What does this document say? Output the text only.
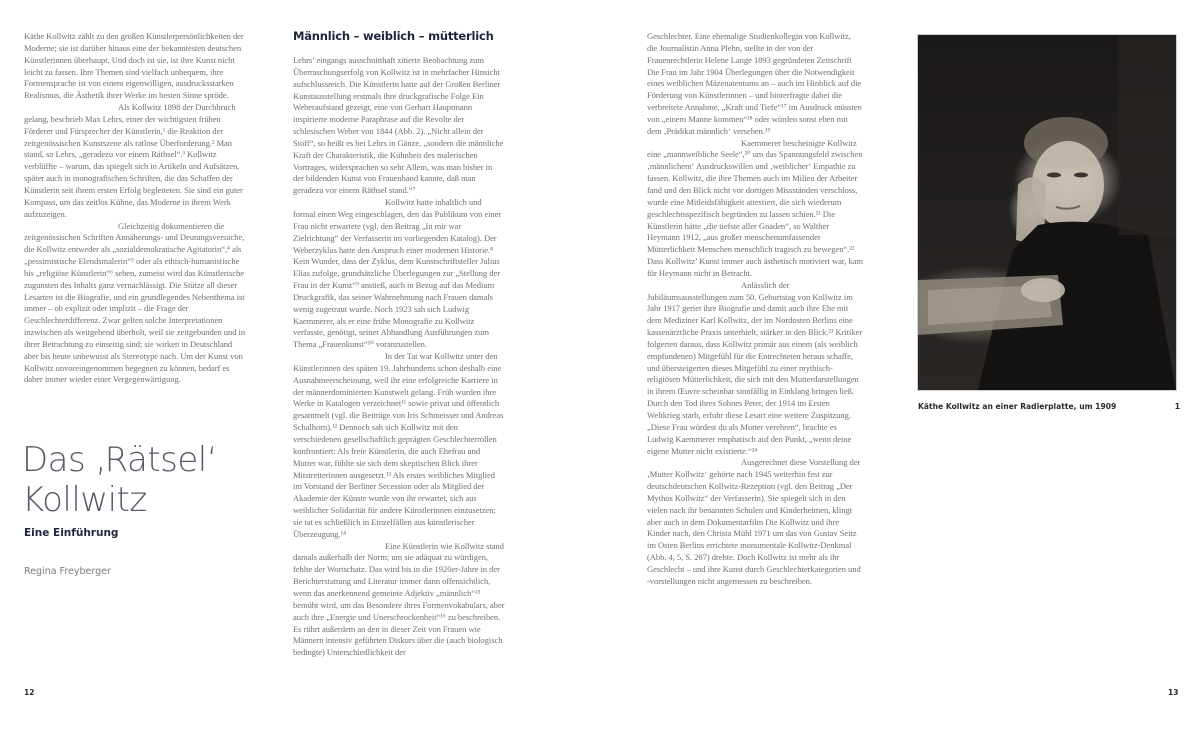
Käthe Kollwitz zählt zu den großen Künstlerpersönlichkeiten der Moderne; sie ist darüber hinaus eine der bekanntesten deutschen Künstlerinnen überhaupt. Und doch ist sie, ist ihre Kunst nicht leicht zu fassen. Ihre Themen sind vielfach unbequem, ihre Formensprache ist von einem eigenwilligen, ausdrucksstarken Realismus, die Ästhetik ihrer Werke im besten Sinne spröde.

Als Kollwitz 1898 der Durchbruch gelang, beschrieb Max Lehrs, einer der wichtigsten frühen Förderer und Fürsprecher der Künstlerin,¹ die Reaktion der zeitgenössischen Kunstszene als ratlose Überforderung.² Man stand, so Lehrs, „geradezu vor einem Räthsel“.³ Kollwitz verblüffte – warum, das spiegelt sich in Artikeln und Aufsätzen, später auch in monografischen Schriften, die das Schaffen der Künstlerin seit ihrem ersten Erfolg begleiteten. Sie sind ein guter Kompass, um das zeitlos Kühne, das Moderne in ihrem Werk aufzuzeigen.

Gleichzeitig dokumentieren die zeitgenössischen Schriften Annäherungs- und Deutungsversuche, die Kollwitz entweder als „sozialdemokratische Agitatorin“,⁴ als „pessimistische Elendsmalerin“⁵ oder als ethisch-humanistische bis „religiöse Künstlerin“⁶ sehen, zumeist wird das Künstlerische zugunsten des Inhalts ganz vernachlässigt. Die Stütze all dieser Lesarten ist die Biografie, und ein grundlegendes Nebenthema ist immer – ob explizit oder implizit – die Frage der Geschlechterdifferenz. Zwar gelten solche Interpretationen inzwischen als weitgehend überholt, weil sie zeitgebunden und in ihrer Betrachtung zu einseitig sind; sie wirken in Deutschland aber bis heute unbewusst als Stereotype nach. Um der Kunst von Kollwitz unvoreingenommen begegnen zu können, bedarf es daher immer wieder einer Vergegenwärtigung.

Das ‚Rätsel‘
Kollwitz
Eine Einführung
Regina Freyberger
Männlich – weiblich – mütterlich

Lehrs’ eingangs ausschnitthaft zitierte Beobachtung zum Überraschungserfolg von Kollwitz ist in mehrfacher Hinsicht aufschlussreich. Die Künstlerin hatte auf der Großen Berliner Kunstausstellung erstmals ihre druckgrafische Folge Ein Weberaufstand gezeigt, eine von Gerhart Hauptmann inspirierte moderne Paraphrase auf die Revolte der schlesischen Weber von 1844 (Abb. 2). „Nicht allein der Stoff“, so heißt es bei Lehrs in Gänze, „sondern die männliche Kraft der Charakteristik, die Kühnheit des malerischen Vortrages, widersprachen so sehr Allem, was man bisher in der bildenden Kunst von Frauenhand kannte, daß man geradezu vor einem Räthsel stand.“⁷

Kollwitz hatte inhaltlich und formal einen Weg eingeschlagen, den das Publikum von einer Frau nicht erwartete (vgl. den Beitrag „In mir war Zielrichtung“ der Verfasserin im vorliegenden Katalog). Der Weberzyklus hatte den Anspruch einer modernen Historie.⁸ Kein Wunder, dass der Zyklus, dem Kunstschriftsteller Julius Elias zufolge, grundsätzliche Überlegungen zur „Stellung der Frau in der Kunst“⁹ anstieß, auch in Bezug auf das Medium Druckgrafik, das seiner Wahrnehmung nach Frauen damals wenig zugetraut wurde. Noch 1923 sah sich Ludwig Kaemmerer, als er eine frühe Monografie zu Kollwitz verfasste, genötigt, seiner Abhandlung Ausführungen zum Thema „Frauenkunst“¹⁰ voranzustellen.

In der Tat war Kollwitz unter den Künstlerinnen des späten 19. Jahrhunderts schon deshalb eine Ausnahmeerscheinung, weil ihr eine erfolgreiche Karriere in der männerdominierten Kunstwelt gelang. Früh wurden ihre Werke in Katalogen verzeichnet¹¹ sowie privat und öffentlich gesammelt (vgl. die Beiträge von Iris Schmeisser und Andreas Schalhorn).¹² Dennoch sah sich Kollwitz mit den verschiedenen gesellschaftlich geprägten Geschlechterrollen konfrontiert: Als freie Künstlerin, die auch Ehefrau und Mutter war, fühlte sie sich dem skeptischen Blick ihrer Mitstreiterinnen ausgesetzt.¹³ Als erstes weibliches Mitglied im Vorstand der Berliner Secession oder als Mitglied der Akademie der Künste wurde von ihr erwartet, sich aus weiblicher Solidarität für andere Künstlerinnen einzusetzen; sie tat es schließlich in Einzelfällen aus künstlerischer Überzeugung.¹⁴

Eine Künstlerin wie Kollwitz stand damals außerhalb der Norm; um sie adäquat zu würdigen, fehlte der Wortschatz. Das wird bis in die 1920er-Jahre in der Berichterstattung und Literatur immer dann offensichtlich, wenn das anerkennend gemeinte Adjektiv „männlich“¹⁵ bemüht wird, um das Besondere ihres Formenvokabulars, aber auch ihre „Energie und Unerschrockenheit“¹⁶ zu beschreiben. Es rührt außerdem an den in dieser Zeit von Frauen wie Männern intensiv geführten Diskurs über die (auch biologisch bedingte) Unterschiedlichkeit der

12

Geschlechter. Eine ehemalige Studienkollegin von Kollwitz, die Journalistin Anna Plehn, stellte in der von der Frauenrechtlerin Helene Lange 1893 gegründeten Zeitschrift Die Frau im Jahr 1904 Überlegungen über die Notwendigkeit eines weiblichen Mäzenatentums an – auch im Hinblick auf die Förderung von Künstlerinnen – und hinterfragte dabei die verbreitete Annahme, „Kraft und Tiefe“¹⁷ im Ausdruck müssten von „einem Manne kommen“¹⁸ oder würden sonst eben mit dem ‚Prädikat männlich‘ versehen.¹⁹

Kaemmerer bescheinigte Kollwitz eine „mannweibliche Seele“,²⁰ um das Spannungsfeld zwischen ‚männlichem‘ Ausdruckswillen und ‚weiblicher‘ Empathie zu fassen. Kollwitz, die ihre Themen auch im Milieu der Arbeiter fand und den Blick nicht vor dortigen Missständen verschloss, wurde eine Mitleidsfähigkeit attestiert, die sich wiederum geschlechtsspezifisch begründen zu lassen schien.²¹ Die Künstlerin hätte „die tiefste aller Gnaden“, so Walther Heymann 1912, „aus großer menschenumfassender Mütterlichkeit Menschen menschlich tragisch zu bewegen“.²² Dass Kollwitz’ Kunst immer auch ästhetisch motiviert war, kam für Heymann nicht in Betracht.

Anlässlich der Jubiläumsausstellungen zum 50. Geburtstag von Kollwitz im Jahr 1917 geriet ihre Biografie und damit auch ihre Ehe mit dem Mediziner Karl Kollwitz, der im Nordosten Berlins eine kassenärztliche Praxis unterhielt, stärker in den Blick.²³ Kritiker folgerten daraus, dass Kollwitz primär aus einem (als weiblich empfundenen) Mitgefühl für die Entrechteten heraus schaffe, und übersteigerten dieses Mitgefühl zu einer mythisch-religiösen Mütterlichkeit, die sich mit den Mutterdarstellungen in ihrem Œuvre scheinbar sinnfällig in Einklang bringen ließ. Durch den Tod ihres Sohnes Peter, der 1914 im Ersten Weltkrieg starb, erfuhr diese Lesart eine weitere Zuspitzung. „Diese Frau würdest du als Mutter verehren“, brachte es Ludwig Kaemmerer emphatisch auf den Punkt, „wenn deine eigene Mutter nicht existierte.“²⁴

Ausgerechnet diese Vorstellung der ‚Mutter Kollwitz‘ gehörte nach 1945 weiterhin fest zur deutschdeutschen Kollwitz-Rezeption (vgl. den Beitrag „Der Mythos Kollwitz“ der Verfasserin). Sie spiegelt sich in den vielen nach ihr benannten Schulen und Kinderheimen, klingt aber auch in dem Dokumentarfilm Die Kollwitz und ihre Kinder nach, den Christa Mühl 1971 um das von Gustav Seitz im Osten Berlins errichtete monumentale Kollwitz-Denkmal (Abb. 4, 5, S. 267) drehte. Doch Kollwitz ist mehr als ihr Geschlecht – und ihre Kunst durch Geschlechterkategorien und -vorstellungen nicht angemessen zu beschreiben.

Käthe Kollwitz an einer Radierplatte, um 1909	1
13
